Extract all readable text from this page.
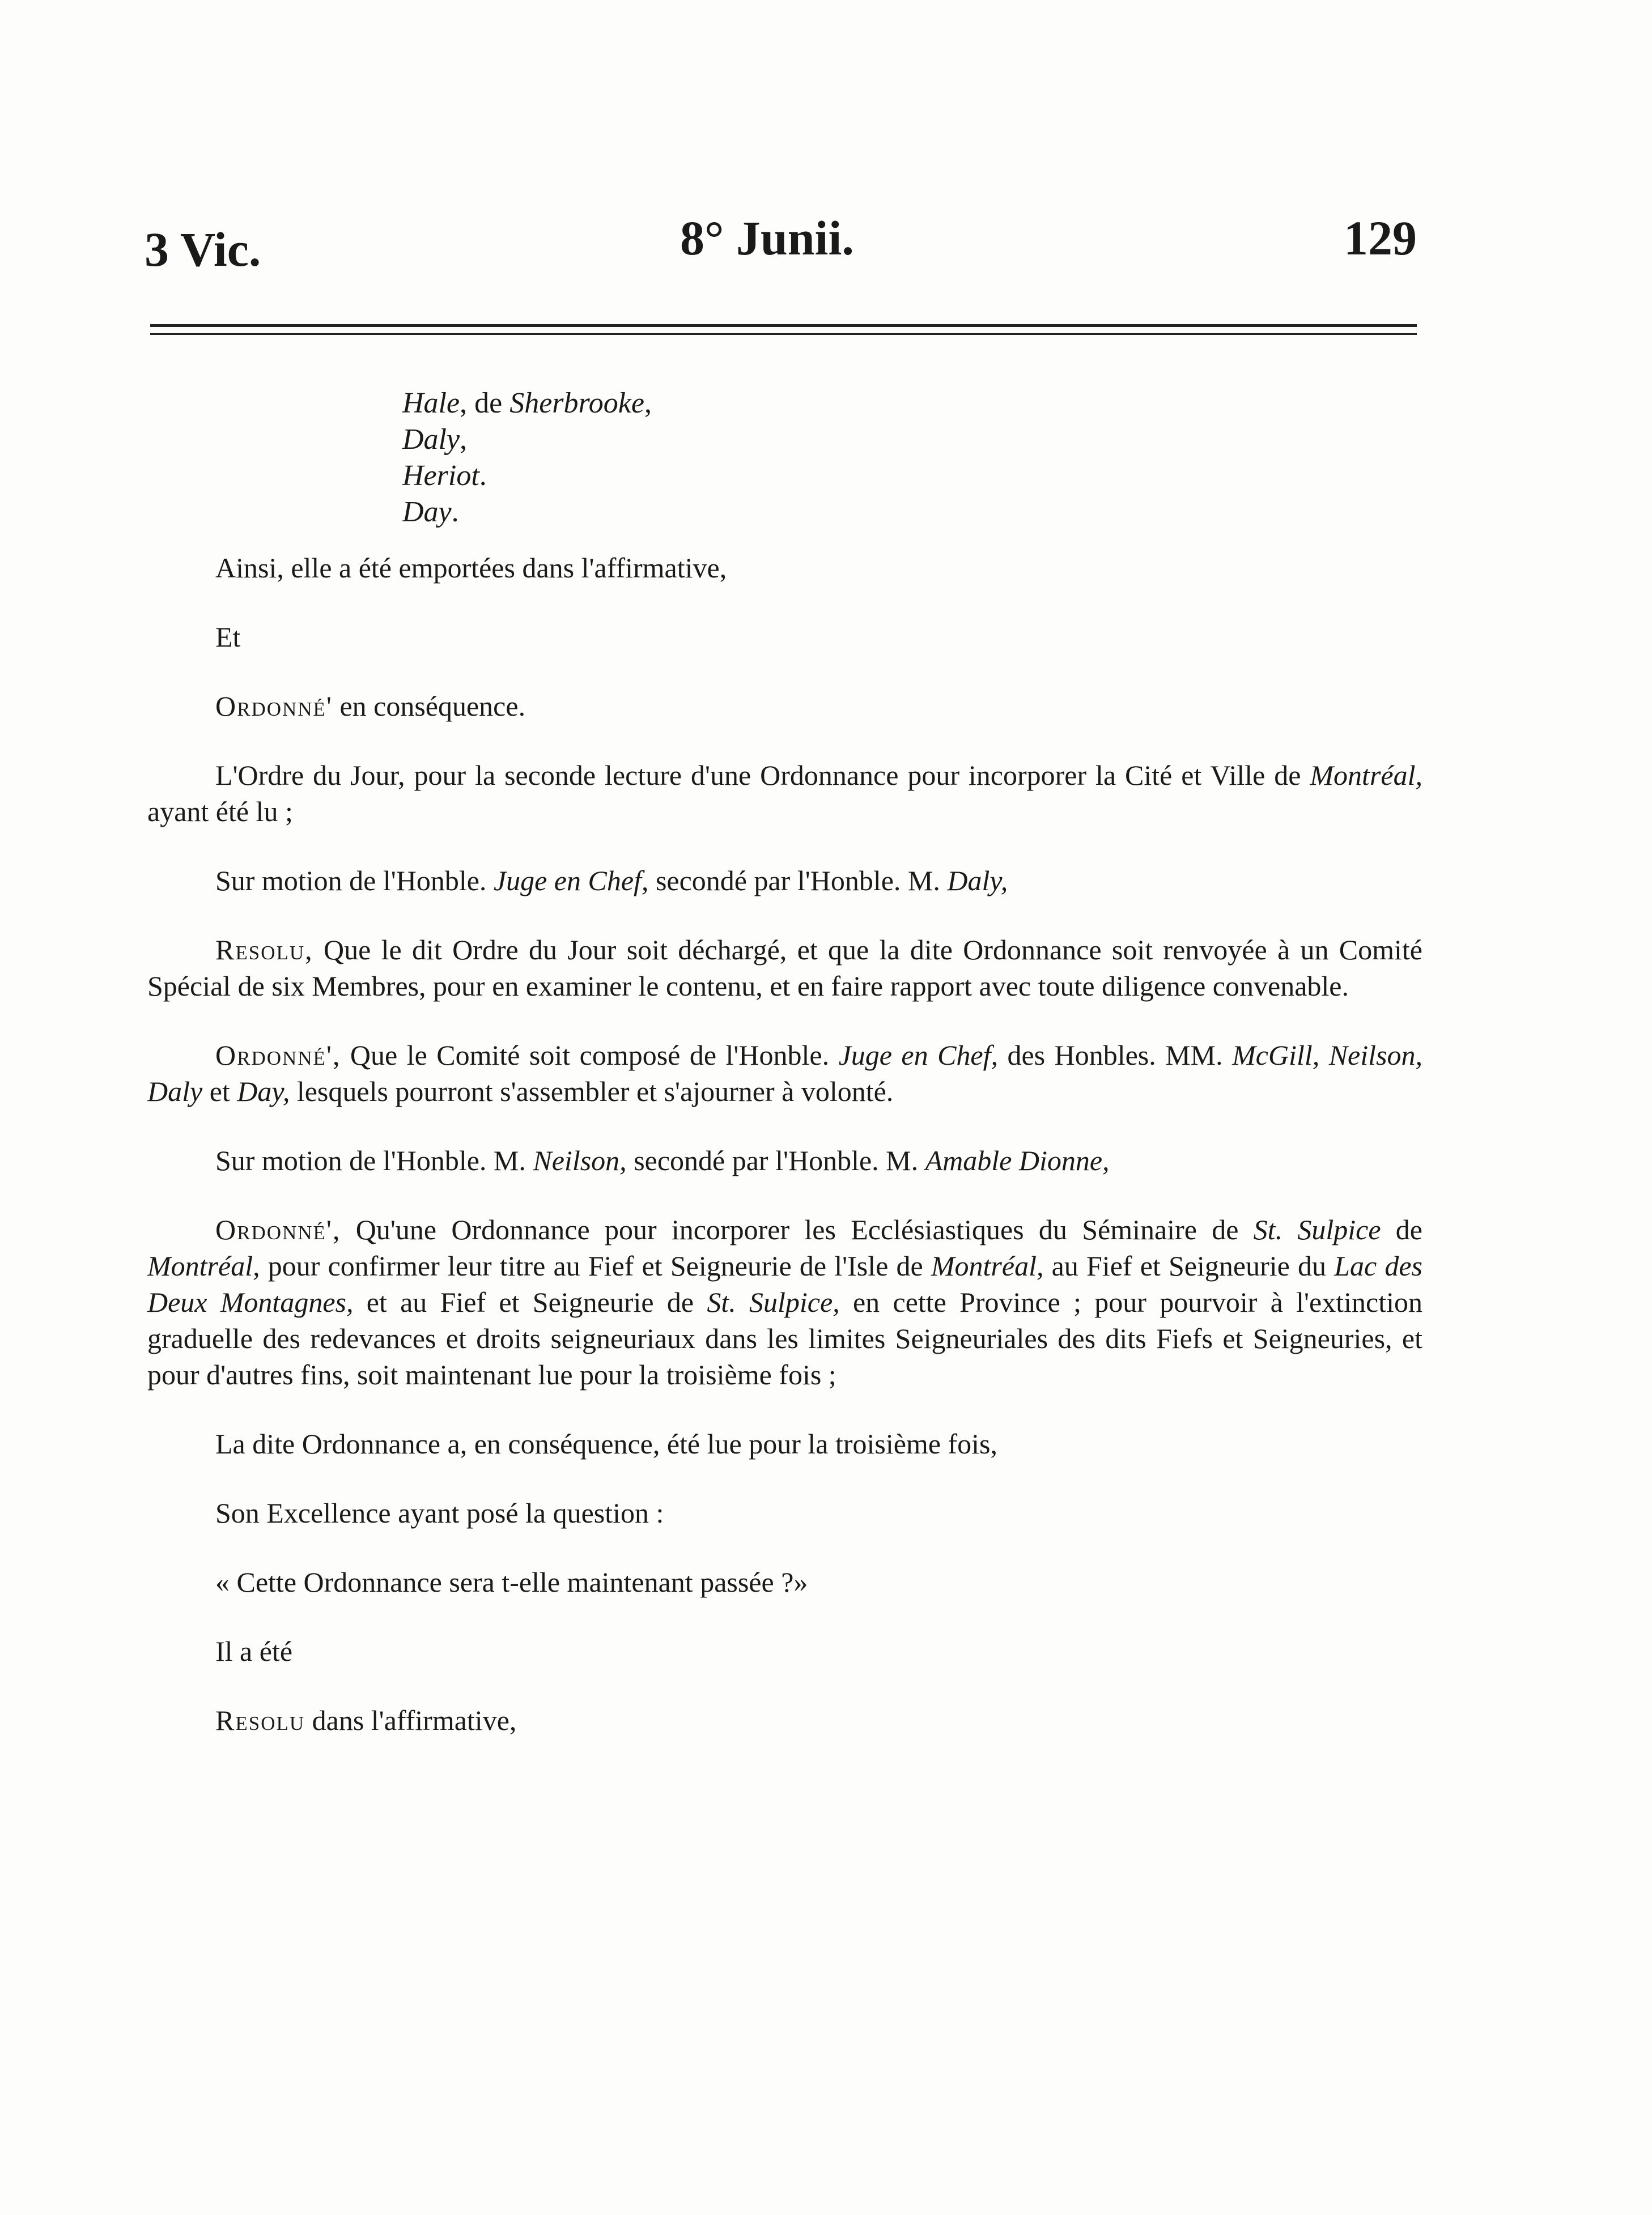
3 Vic.	8° Junii.	129
Hale, de Sherbrooke,
Daly,
Heriot.
Day.

Ainsi, elle a été emportées dans l'affirmative,

Et

Ordonné' en conséquence.

L'Ordre du Jour, pour la seconde lecture d'une Ordonnance pour incorporer la Cité et Ville de Montréal, ayant été lu ;

Sur motion de l'Honble. Juge en Chef, secondé par l'Honble. M. Daly,

Resolu, Que le dit Ordre du Jour soit déchargé, et que la dite Ordonnance soit renvoyée à un Comité Spécial de six Membres, pour en examiner le contenu, et en faire rapport avec toute diligence convenable.

Ordonné', Que le Comité soit composé de l'Honble. Juge en Chef, des Honbles. MM. McGill, Neilson, Daly et Day, lesquels pourront s'assembler et s'ajourner à volonté.

Sur motion de l'Honble. M. Neilson, secondé par l'Honble. M. Amable Dionne,

Ordonné', Qu'une Ordonnance pour incorporer les Ecclésiastiques du Séminaire de St. Sulpice de Montréal, pour confirmer leur titre au Fief et Seigneurie de l'Isle de Montréal, au Fief et Seigneurie du Lac des Deux Montagnes, et au Fief et Seigneurie de St. Sulpice, en cette Province ; pour pourvoir à l'extinction graduelle des redevances et droits seigneuriaux dans les limites Seigneuriales des dits Fiefs et Seigneuries, et pour d'autres fins, soit maintenant lue pour la troisième fois ;

La dite Ordonnance a, en conséquence, été lue pour la troisième fois,

Son Excellence ayant posé la question :

« Cette Ordonnance sera t-elle maintenant passée ?»

Il a été

Resolu dans l'affirmative,
